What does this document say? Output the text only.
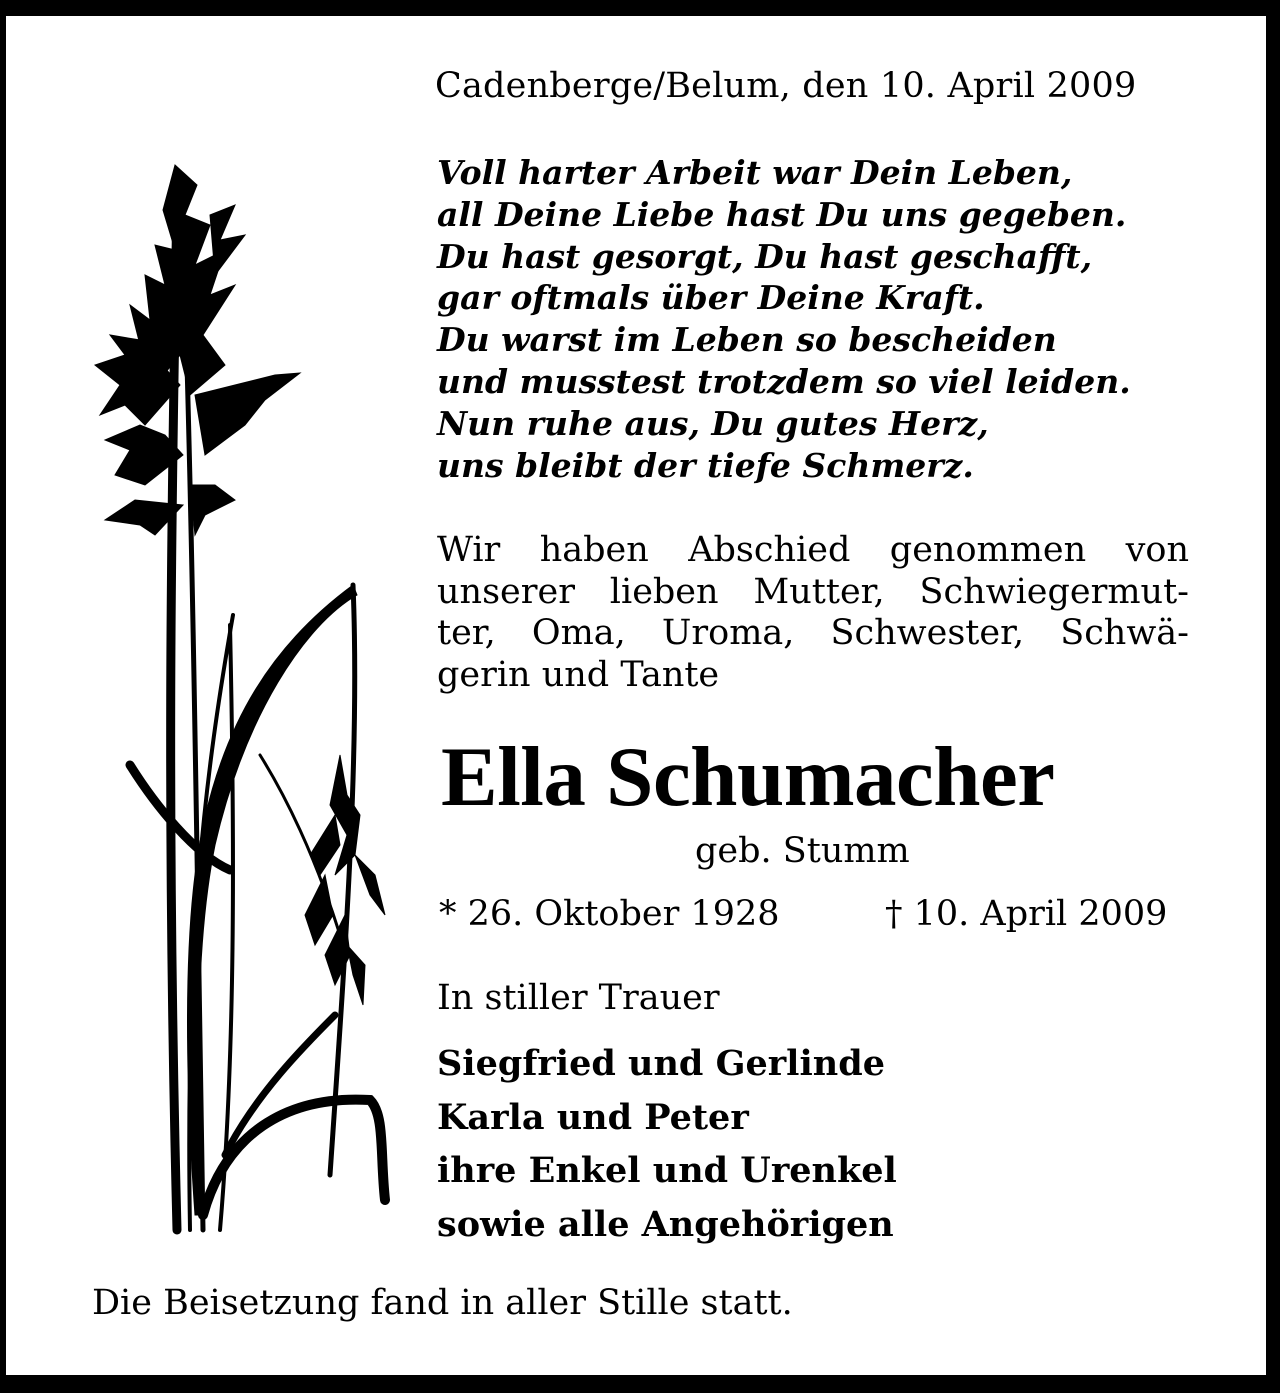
Cadenberge/Belum, den 10. April 2009
Voll harter Arbeit war Dein Leben,
all Deine Liebe hast Du uns gegeben.
Du hast gesorgt, Du hast geschafft,
gar oftmals über Deine Kraft.
Du warst im Leben so bescheiden
und musstest trotzdem so viel leiden.
Nun ruhe aus, Du gutes Herz,
uns bleibt der tiefe Schmerz.
Wir haben Abschied genommen von
unserer lieben Mutter, Schwiegermut-
ter, Oma, Uroma, Schwester, Schwä-
gerin und Tante
Ella Schumacher
geb. Stumm
* 26. Oktober 1928	† 10. April 2009
In stiller Trauer
Siegfried und Gerlinde
Karla und Peter
ihre Enkel und Urenkel
sowie alle Angehörigen
Die Beisetzung fand in aller Stille statt.
